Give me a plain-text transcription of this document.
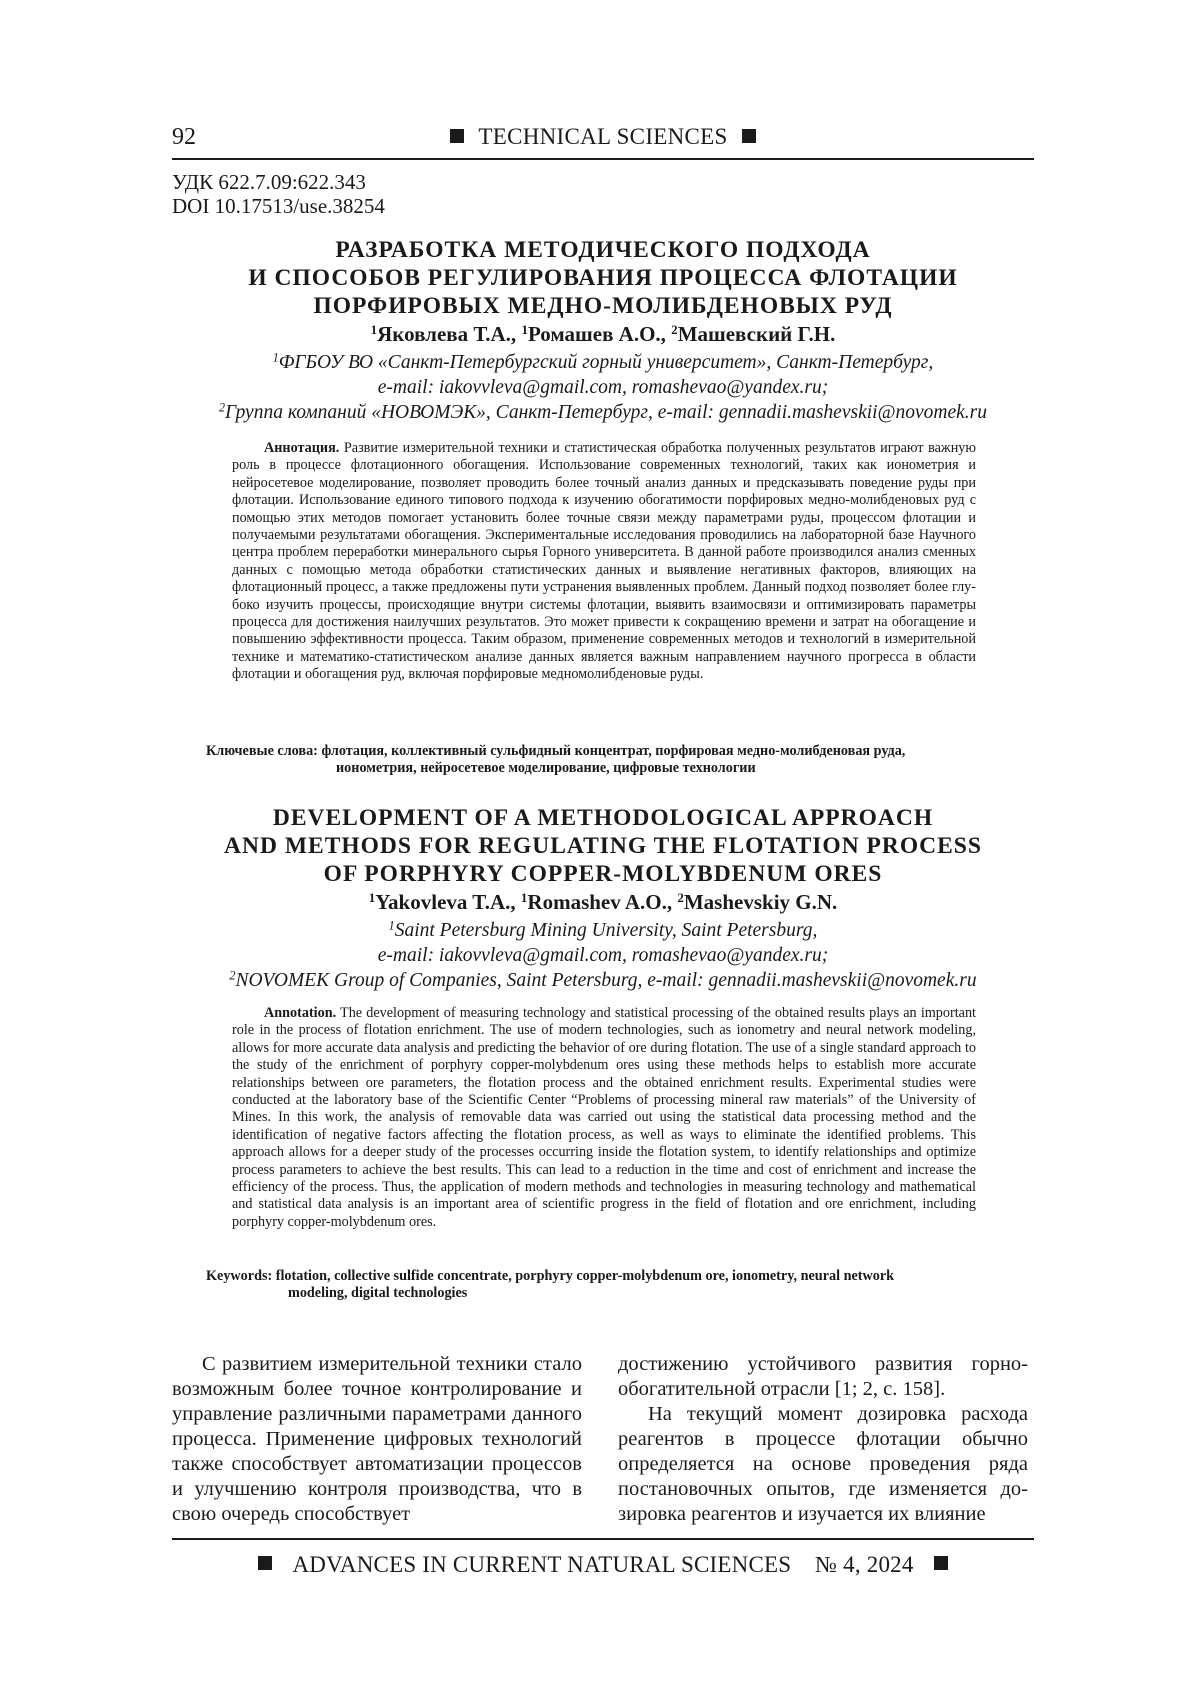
92	TECHNICAL SCIENCES
УДК 622.7.09:622.343
DOI 10.17513/use.38254
РАЗРАБОТКА МЕТОДИЧЕСКОГО ПОДХОДА
И СПОСОБОВ РЕГУЛИРОВАНИЯ ПРОЦЕССА ФЛОТАЦИИ
ПОРФИРОВЫХ МЕДНО-МОЛИБДЕНОВЫХ РУД
$^1$Яковлева Т.А., $^1$Ромашев А.О., $^2$Машевский Г.Н.
$^1$ФГБОУ ВО «Санкт-Петербургский горный университет», Санкт-Петербург,
e-mail: iakovvleva@gmail.com, romashevao@yandex.ru;
$^2$Группа компаний «НОВОМЭК», Санкт-Петербург, e-mail: gennadii.mashevskii@novomek.ru
Аннотация. Развитие измерительной техники и статистическая обработка полученных результатов играют важную роль в процессе флотационного обогащения. Использование современных технологий, таких как ионометрия и нейросетевое моделирование, позволяет проводить более точный анализ данных и предсказывать поведение руды при флотации. Использование единого типового подхода к изучению обогатимости порфировых медно-молибденовых руд с помощью этих методов помогает установить более точные связи между параметрами руды, процессом флотации и получаемыми результатами обогащения. Экспериментальные исследования проводились на лабораторной базе Научного центра проблем переработки минерального сырья Горного университета. В данной работе производился анализ сменных данных с помощью метода обработки статистических данных и выявление негативных факторов, влияющих на флотационный процесс, а также предложены пути устранения выявленных проблем. Данный подход позволяет более глубоко изучить процессы, происходящие внутри системы флотации, выявить взаимосвязи и оптимизировать параметры процесса для достижения наилучших результатов. Это может привести к сокращению времени и затрат на обогащение и повышению эффективности процесса. Таким образом, применение современных методов и технологий в измерительной технике и математико-статистическом анализе данных является важным направлением научного прогресса в области флотации и обогащения руд, включая порфировые медномолибденовые руды.
Ключевые слова: флотация, коллективный сульфидный концентрат, порфировая медно-молибденовая руда,
ионометрия, нейросетевое моделирование, цифровые технологии
DEVELOPMENT OF A METHODOLOGICAL APPROACH
AND METHODS FOR REGULATING THE FLOTATION PROCESS
OF PORPHYRY COPPER-MOLYBDENUM ORES
$^1$Yakovleva T.A., $^1$Romashev A.O., $^2$Mashevskiy G.N.
$^1$Saint Petersburg Mining University, Saint Petersburg,
e-mail: iakovvleva@gmail.com, romashevao@yandex.ru;
$^2$NOVOMEK Group of Companies, Saint Petersburg, e-mail: gennadii.mashevskii@novomek.ru
Annotation. The development of measuring technology and statistical processing of the obtained results plays an important role in the process of flotation enrichment. The use of modern technologies, such as ionometry and neural network modeling, allows for more accurate data analysis and predicting the behavior of ore during flotation. The use of a single standard approach to the study of the enrichment of porphyry copper-molybdenum ores using these methods helps to establish more accurate relationships between ore parameters, the flotation process and the obtained enrichment results. Experimental studies were conducted at the laboratory base of the Scientific Center “Problems of processing mineral raw materials” of the University of Mines. In this work, the analysis of removable data was carried out using the statistical data processing method and the identification of negative factors affecting the flotation process, as well as ways to eliminate the identified problems. This approach allows for a deeper study of the processes occurring inside the flotation system, to identify relationships and optimize process parameters to achieve the best results. This can lead to a reduction in the time and cost of enrichment and increase the efficiency of the process. Thus, the application of modern methods and technologies in measuring technology and mathematical and statistical data analysis is an important area of scientific progress in the field of flotation and ore enrichment, including porphyry copper-molybdenum ores.
Keywords: flotation, collective sulfide concentrate, porphyry copper-molybdenum ore, ionometry, neural network
modeling, digital technologies

С развитием измерительной техники стало возможным более точное контролирование и управление различными параметрами данного процесса. Применение цифровых технологий также способствует автоматизации процессов и улучшению контроля производства, что в свою очередь способствует

достижению устойчивого развития горно-обогатительной отрасли [1; 2, с. 158].

На текущий момент дозировка расхода реагентов в процессе флотации обычно определяется на основе проведения ряда постановочных опытов, где изменяется дозировка реагентов и изучается их влияние

ADVANCES IN CURRENT NATURAL SCIENCES № 4, 2024
